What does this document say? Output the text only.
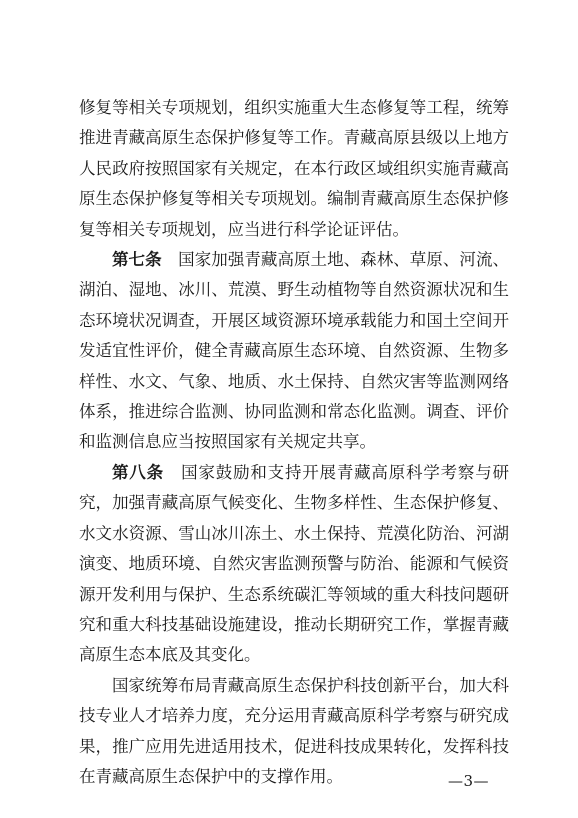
修复等相关专项规划，组织实施重大生态修复等工程，统筹推进青藏高原生态保护修复等工作。青藏高原县级以上地方人民政府按照国家有关规定，在本行政区域组织实施青藏高原生态保护修复等相关专项规划。编制青藏高原生态保护修复等相关专项规划，应当进行科学论证评估。

第七条　国家加强青藏高原土地、森林、草原、河流、湖泊、湿地、冰川、荒漠、野生动植物等自然资源状况和生态环境状况调查，开展区域资源环境承载能力和国土空间开发适宜性评价，健全青藏高原生态环境、自然资源、生物多样性、水文、气象、地质、水土保持、自然灾害等监测网络体系，推进综合监测、协同监测和常态化监测。调查、评价和监测信息应当按照国家有关规定共享。

第八条　国家鼓励和支持开展青藏高原科学考察与研究，加强青藏高原气候变化、生物多样性、生态保护修复、水文水资源、雪山冰川冻土、水土保持、荒漠化防治、河湖演变、地质环境、自然灾害监测预警与防治、能源和气候资源开发利用与保护、生态系统碳汇等领域的重大科技问题研究和重大科技基础设施建设，推动长期研究工作，掌握青藏高原生态本底及其变化。

国家统筹布局青藏高原生态保护科技创新平台，加大科技专业人才培养力度，充分运用青藏高原科学考察与研究成果，推广应用先进适用技术，促进科技成果转化，发挥科技在青藏高原生态保护中的支撑作用。	—3—
